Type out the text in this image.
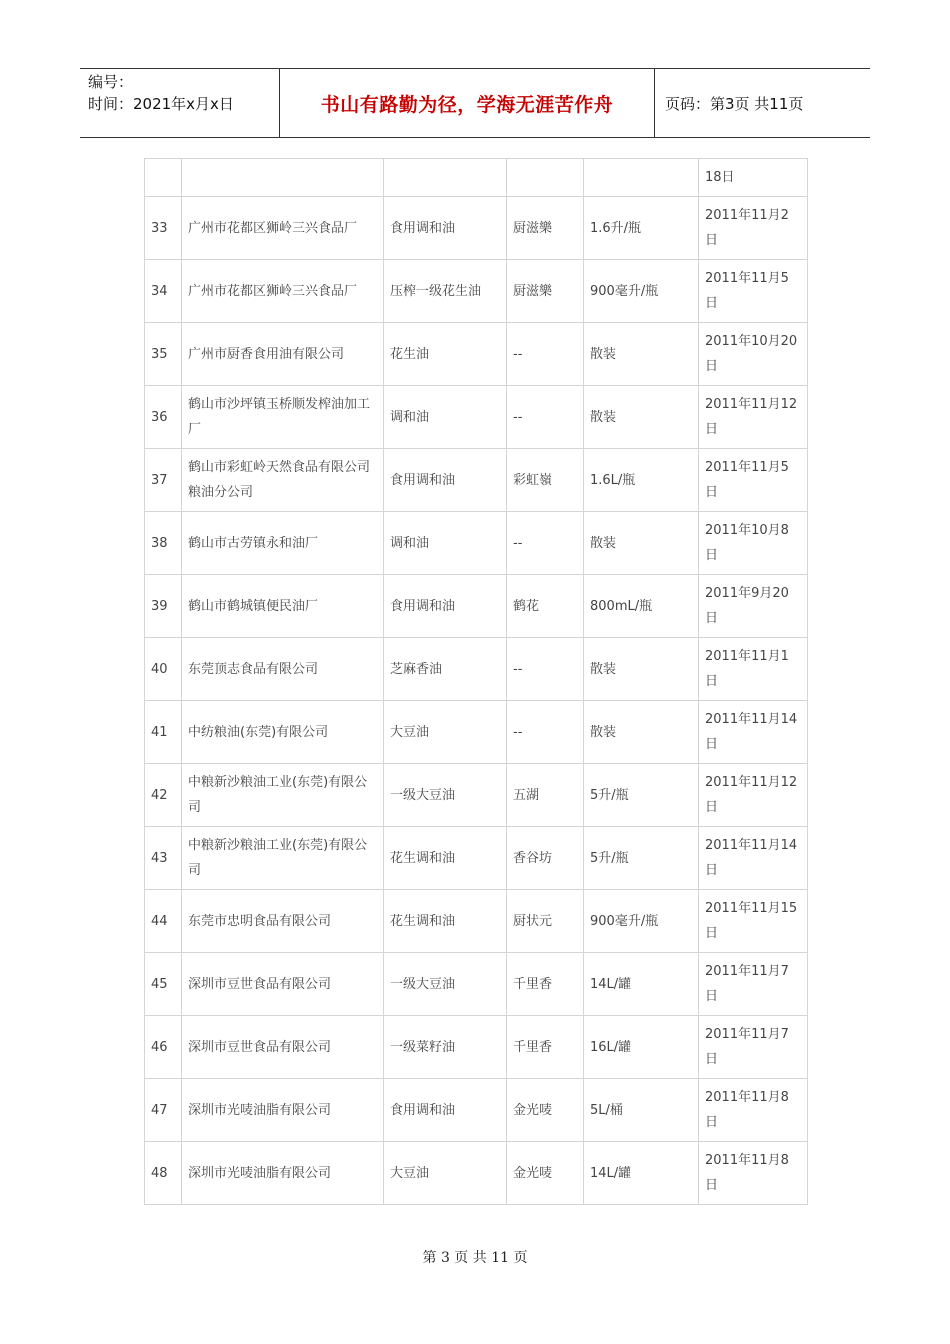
编号：
时间：2021年x月x日	书山有路勤为径，学海无涯苦作舟	页码：第3页 共11页
					18日
33	广州市花都区狮岭三兴食品厂	食用调和油	厨滋樂	1.6升/瓶	2011年11月2日
34	广州市花都区狮岭三兴食品厂	压榨一级花生油	厨滋樂	900毫升/瓶	2011年11月5日
35	广州市厨香食用油有限公司	花生油	--	散装	2011年10月20日
36	鹤山市沙坪镇玉桥顺发榨油加工厂	调和油	--	散装	2011年11月12日
37	鹤山市彩虹岭天然食品有限公司粮油分公司	食用调和油	彩虹嶺	1.6L/瓶	2011年11月5日
38	鹤山市古劳镇永和油厂	调和油	--	散装	2011年10月8日
39	鹤山市鹤城镇便民油厂	食用调和油	鹤花	800mL/瓶	2011年9月20日
40	东莞顶志食品有限公司	芝麻香油	--	散装	2011年11月1日
41	中纺粮油(东莞)有限公司	大豆油	--	散装	2011年11月14日
42	中粮新沙粮油工业(东莞)有限公司	一级大豆油	五湖	5升/瓶	2011年11月12日
43	中粮新沙粮油工业(东莞)有限公司	花生调和油	香谷坊	5升/瓶	2011年11月14日
44	东莞市忠明食品有限公司	花生调和油	厨状元	900毫升/瓶	2011年11月15日
45	深圳市豆世食品有限公司	一级大豆油	千里香	14L/罐	2011年11月7日
46	深圳市豆世食品有限公司	一级菜籽油	千里香	16L/罐	2011年11月7日
47	深圳市光唛油脂有限公司	食用调和油	金光唛	5L/桶	2011年11月8日
48	深圳市光唛油脂有限公司	大豆油	金光唛	14L/罐	2011年11月8日
第 3 页 共 11 页
